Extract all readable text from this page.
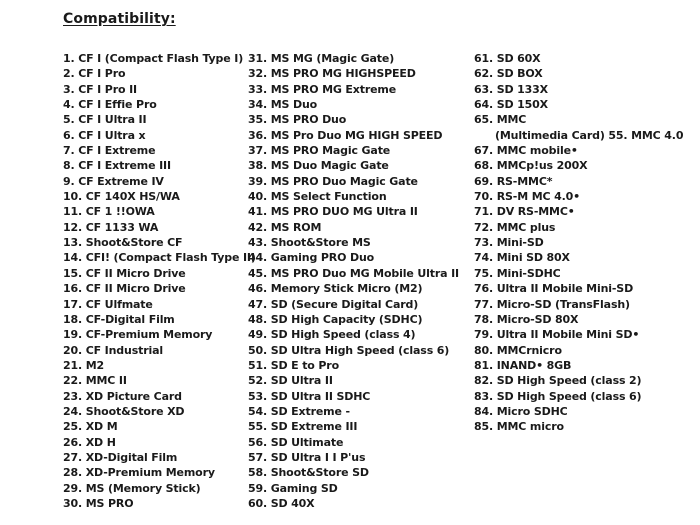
Compatibility:
1. CF I (Compact Flash Type I)
2. CF I Pro
3. CF I Pro II
4. CF I Effie Pro
5. CF I Ultra II
6. CF I Ultra x
7. CF I Extreme
8. CF I Extreme III
9. CF Extreme IV
10. CF 140X HS/WA
11. CF 1 !!OWA
12. CF 1133 WA
13. Shoot&Store CF
14. CFI! (Compact Flash Type II)
15. CF II Micro Drive
16. CF II Micro Drive
17. CF Ulfmate
18. CF-Digital Film
19. CF-Premium Memory
20. CF Industrial
21. M2
22. MMC II
23. XD Picture Card
24. Shoot&Store XD
25. XD M
26. XD H
27. XD-Digital Film
28. XD-Premium Memory
29. MS (Memory Stick)
30. MS PRO
31. MS MG (Magic Gate)
32. MS PRO MG HIGHSPEED
33. MS PRO MG Extreme
34. MS Duo
35. MS PRO Duo
36. MS Pro Duo MG HIGH SPEED
37. MS PRO Magic Gate
38. MS Duo Magic Gate
39. MS PRO Duo Magic Gate
40. MS Select Function
41. MS PRO DUO MG Ultra II
42. MS ROM
43. Shoot&Store MS
44. Gaming PRO Duo
45. MS PRO Duo MG Mobile Ultra II
46. Memory Stick Micro (M2)
47. SD (Secure Digital Card)
48. SD High Capacity (SDHC)
49. SD High Speed (class 4)
50. SD Ultra High Speed (class 6)
51. SD E to Pro
52. SD Ultra II
53. SD Ultra II SDHC
54. SD Extreme -
55. SD Extreme III
56. SD Ultimate
57. SD Ultra I I P'us
58. Shoot&Store SD
59. Gaming SD
60. SD 40X
61. SD 60X
62. SD BOX
63. SD 133X
64. SD 150X
65. MMC
(Multimedia Card) 55. MMC 4.0
67. MMC mobile•
68. MMCp!us 200X
69. RS-MMC*
70. RS-M MC 4.0•
71. DV RS-MMC•
72. MMC plus
73. Mini-SD
74. Mini SD 80X
75. Mini-SDHC
76. Ultra II Mobile Mini-SD
77. Micro-SD (TransFlash)
78. Micro-SD 80X
79. Ultra II Mobile Mini SD•
80. MMCrnicro
81. INAND• 8GB
82. SD High Speed (class 2)
83. SD High Speed (class 6)
84. Micro SDHC
85. MMC micro
